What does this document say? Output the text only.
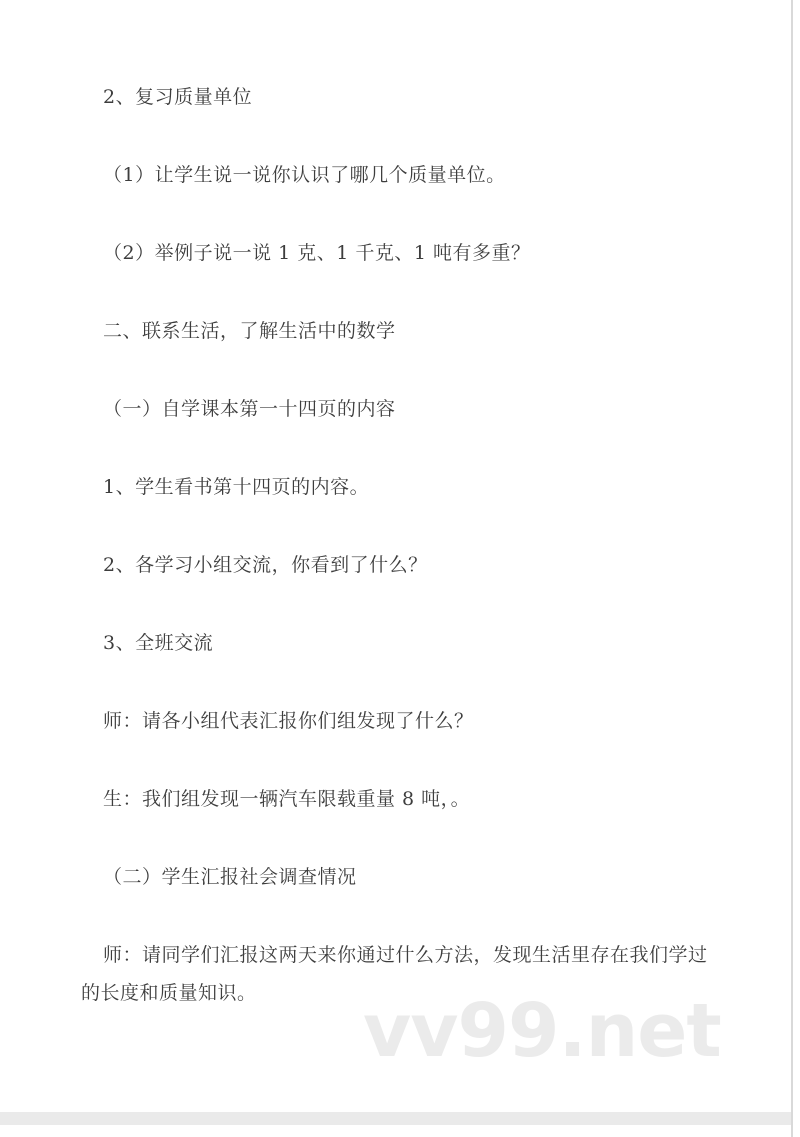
2、复习质量单位

（1）让学生说一说你认识了哪几个质量单位。

（2）举例子说一说 1 克、1 千克、1 吨有多重？

二、联系生活，了解生活中的数学

（一）自学课本第一十四页的内容

1、学生看书第十四页的内容。

2、各学习小组交流，你看到了什么？

3、全班交流

师：请各小组代表汇报你们组发现了什么？

生：我们组发现一辆汽车限载重量 8 吨，。

（二）学生汇报社会调查情况

师：请同学们汇报这两天来你通过什么方法，发现生活里存在我们学过的长度和质量知识。	vv99.net
